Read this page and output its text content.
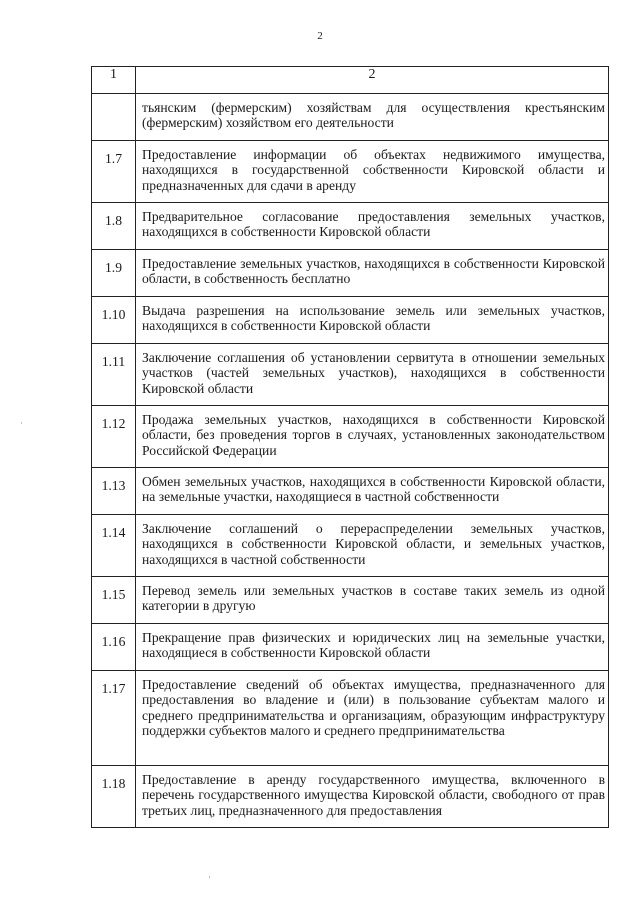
2
1	2
	тьянским (фермерским) хозяйствам для осуществления крестьянским (фермерским) хозяйством его деятельности
1.7	Предоставление информации об объектах недвижимого имущества, находящихся в государственной собственности Кировской области и предназначенных для сдачи в аренду
1.8	Предварительное согласование предоставления земельных участков, находящихся в собственности Кировской области
1.9	Предоставление земельных участков, находящихся в собственности Кировской области, в собственность бесплатно
1.10	Выдача разрешения на использование земель или земельных участков, находящихся в собственности Кировской области
1.11	Заключение соглашения об установлении сервитута в отношении земельных участков (частей земельных участков), находящихся в собственности Кировской области
1.12	Продажа земельных участков, находящихся в собственности Кировской области, без проведения торгов в случаях, установленных законодательством Российской Федерации
1.13	Обмен земельных участков, находящихся в собственности Кировской области, на земельные участки, находящиеся в частной собственности
1.14	Заключение соглашений о перераспределении земельных участков, находящихся в собственности Кировской области, и земельных участков, находящихся в частной собственности
1.15	Перевод земель или земельных участков в составе таких земель из одной категории в другую
1.16	Прекращение прав физических и юридических лиц на земельные участки, находящиеся в собственности Кировской области
1.17	Предоставление сведений об объектах имущества, предназначенного для предоставления во владение и (или) в пользование субъектам малого и среднего предпринимательства и организациям, образующим инфраструктуру поддержки субъектов малого и среднего предпринимательства
1.18	Предоставление в аренду государственного имущества, включенного в перечень государственного имущества Кировской области, свободного от прав третьих лиц, предназначенного для предоставления
·
·
